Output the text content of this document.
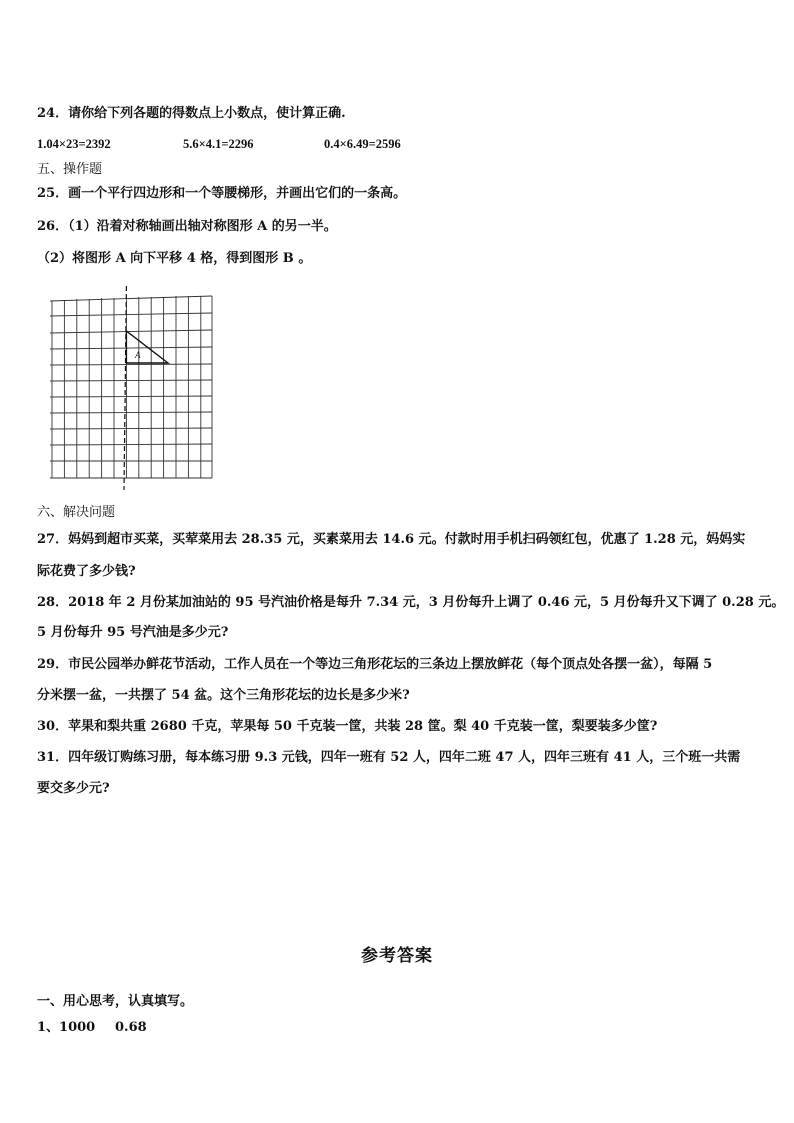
24．请你给下列各题的得数点上小数点，使计算正确.
1.04×23=2392	5.6×4.1=2296	0.4×6.49=2596
五、操作题
25．画一个平行四边形和一个等腰梯形，并画出它们的一条高。
26．（1）沿着对称轴画出轴对称图形 A 的另一半。
（2）将图形 A 向下平移 4 格，得到图形 B 。
A
六、解决问题
27．妈妈到超市买菜，买荤菜用去 28.35 元，买素菜用去 14.6 元。付款时用手机扫码领红包，优惠了 1.28 元，妈妈实
际花费了多少钱?
28．2018 年 2 月份某加油站的 95 号汽油价格是每升 7.34 元，3 月份每升上调了 0.46 元，5 月份每升又下调了 0.28 元。
5 月份每升 95 号汽油是多少元?
29．市民公园举办鲜花节活动，工作人员在一个等边三角形花坛的三条边上摆放鲜花（每个顶点处各摆一盆），每隔 5
分米摆一盆，一共摆了 54 盆。这个三角形花坛的边长是多少米?
30．苹果和梨共重 2680 千克，苹果每 50 千克装一筐，共装 28 筐。梨 40 千克装一筐，梨要装多少筐?
31．四年级订购练习册，每本练习册 9.3 元钱，四年一班有 52 人，四年二班 47 人，四年三班有 41 人，三个班一共需
要交多少元?
参考答案
一、用心思考，认真填写。
1、1000 0.68
